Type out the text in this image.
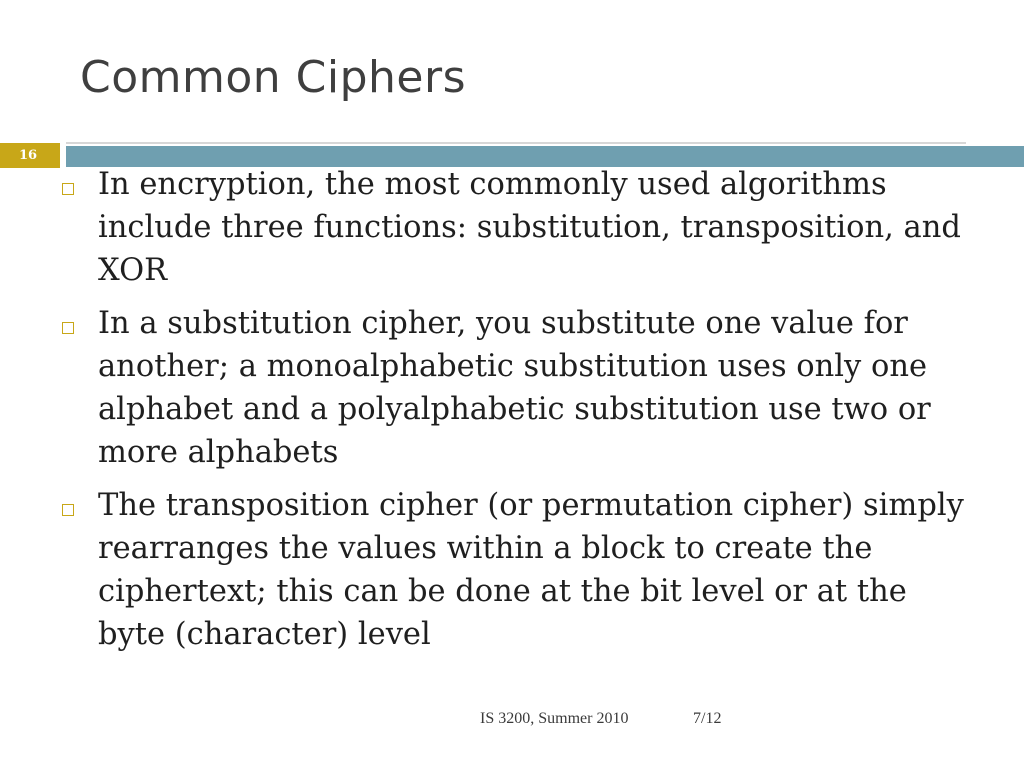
Common Ciphers
16
In encryption, the most commonly used algorithms include three functions: substitution, transposition, and XOR
In a substitution cipher, you substitute one value for another; a monoalphabetic substitution uses only one alphabet and a polyalphabetic substitution use two or more alphabets
The transposition cipher (or permutation cipher) simply rearranges the values within a block to create the ciphertext; this can be done at the bit level or at the byte (character) level
IS 3200, Summer 2010	7/12
